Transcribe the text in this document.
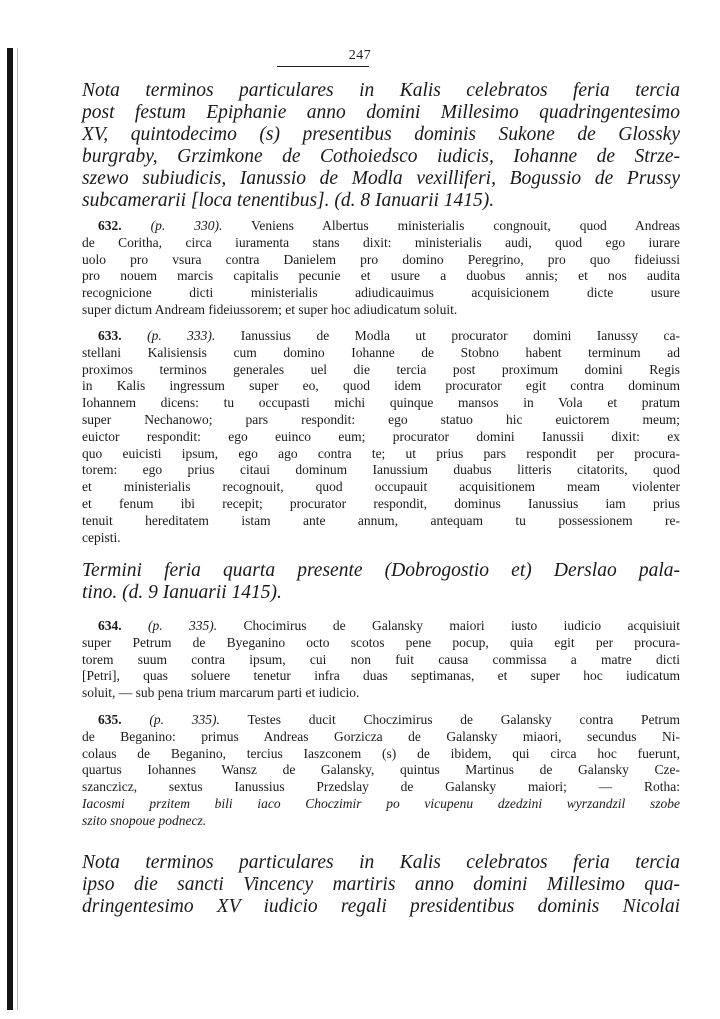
247
Nota terminos particulares in Kalis celebratos feria tercia
post festum Epiphanie anno domini Millesimo quadringentesimo
XV, quintodecimo (s) presentibus dominis Sukone de Glossky
burgraby, Grzimkone de Cothoiedsco iudicis, Iohanne de Strze-
szewo subiudicis, Ianussio de Modla vexilliferi, Bogussio de Prussy
subcamerarii [loca tenentibus]. (d. 8 Ianuarii 1415).
632. (p. 330). Veniens Albertus ministerialis congnouit, quod Andreas
de Coritha, circa iuramenta stans dixit: ministerialis audi, quod ego iurare
uolo pro vsura contra Danielem pro domino Peregrino, pro quo fideiussi
pro nouem marcis capitalis pecunie et usure a duobus annis; et nos audita
recognicione dicti ministerialis adiudicauimus acquisicionem dicte usure
super dictum Andream fideiussorem; et super hoc adiudicatum soluit.
633. (p. 333). Ianussius de Modla ut procurator domini Ianussy ca-
stellani Kalisiensis cum domino Iohanne de Stobno habent terminum ad
proximos terminos generales uel die tercia post proximum domini Regis
in Kalis ingressum super eo, quod idem procurator egit contra dominum
Iohannem dicens: tu occupasti michi quinque mansos in Vola et pratum
super Nechanowo; pars respondit: ego statuo hic euictorem meum;
euictor respondit: ego euinco eum; procurator domini Ianussii dixit: ex
quo euicisti ipsum, ego ago contra te; ut prius pars respondit per procura-
torem: ego prius citaui dominum Ianussium duabus litteris citatorits, quod
et ministerialis recognouit, quod occupauit acquisitionem meam violenter
et fenum ibi recepit; procurator respondit, dominus Ianussius iam prius
tenuit hereditatem istam ante annum, antequam tu possessionem re-
cepisti.
Termini feria quarta presente (Dobrogostio et) Derslao pala-
tino. (d. 9 Ianuarii 1415).
634. (p. 335). Chocimirus de Galansky maiori iusto iudicio acquisiuit
super Petrum de Byeganino octo scotos pene pocup, quia egit per procura-
torem suum contra ipsum, cui non fuit causa commissa a matre dicti
[Petri], quas soluere tenetur infra duas septimanas, et super hoc iudicatum
soluit, — sub pena trium marcarum parti et iudicio.
635. (p. 335). Testes ducit Choczimirus de Galansky contra Petrum
de Beganino: primus Andreas Gorzicza de Galansky miaori, secundus Ni-
colaus de Beganino, tercius Iaszconem (s) de ibidem, qui circa hoc fuerunt,
quartus Iohannes Wansz de Galansky, quintus Martinus de Galansky Cze-
szanczicz, sextus Ianussius Przedslay de Galansky maiori; — Rotha:
Iacosmi przitem bili iaco Choczimir po vicupenu dzedzini wyrzandzil szobe
szito snopoue podnecz.
Nota terminos particulares in Kalis celebratos feria tercia
ipso die sancti Vincency martiris anno domini Millesimo qua-
dringentesimo XV iudicio regali presidentibus dominis Nicolai
